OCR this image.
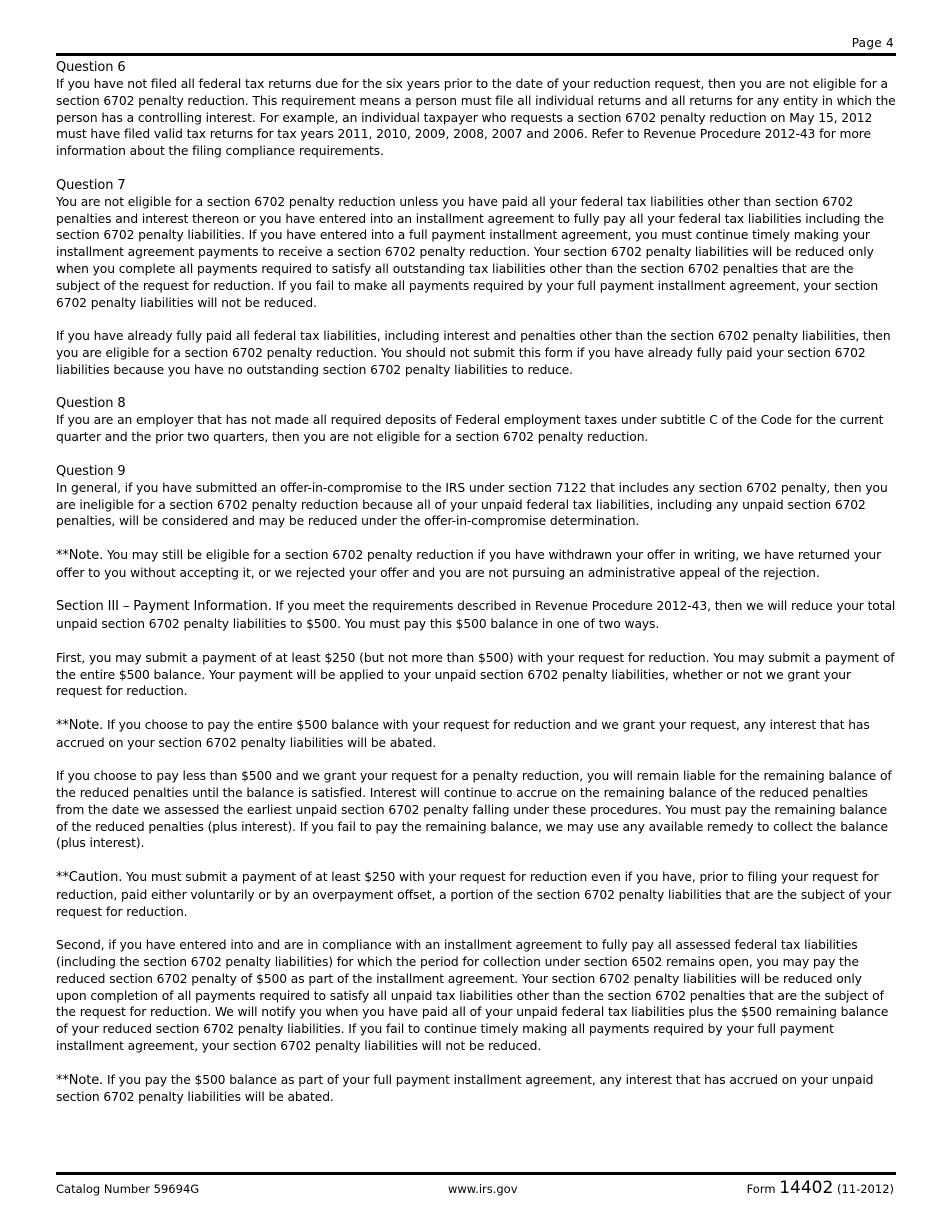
Page 4
Question 6

If you have not filed all federal tax returns due for the six years prior to the date of your reduction request, then you are not eligible for a section 6702 penalty reduction. This requirement means a person must file all individual returns and all returns for any entity in which the person has a controlling interest. For example, an individual taxpayer who requests a section 6702 penalty reduction on May 15, 2012 must have filed valid tax returns for tax years 2011, 2010, 2009, 2008, 2007 and 2006. Refer to Revenue Procedure 2012-43 for more information about the filing compliance requirements.

Question 7

You are not eligible for a section 6702 penalty reduction unless you have paid all your federal tax liabilities other than section 6702 penalties and interest thereon or you have entered into an installment agreement to fully pay all your federal tax liabilities including the section 6702 penalty liabilities. If you have entered into a full payment installment agreement, you must continue timely making your installment agreement payments to receive a section 6702 penalty reduction. Your section 6702 penalty liabilities will be reduced only when you complete all payments required to satisfy all outstanding tax liabilities other than the section 6702 penalties that are the subject of the request for reduction. If you fail to make all payments required by your full payment installment agreement, your section 6702 penalty liabilities will not be reduced.

If you have already fully paid all federal tax liabilities, including interest and penalties other than the section 6702 penalty liabilities, then you are eligible for a section 6702 penalty reduction. You should not submit this form if you have already fully paid your section 6702 liabilities because you have no outstanding section 6702 penalty liabilities to reduce.

Question 8

If you are an employer that has not made all required deposits of Federal employment taxes under subtitle C of the Code for the current quarter and the prior two quarters, then you are not eligible for a section 6702 penalty reduction.

Question 9

In general, if you have submitted an offer-in-compromise to the IRS under section 7122 that includes any section 6702 penalty, then you are ineligible for a section 6702 penalty reduction because all of your unpaid federal tax liabilities, including any unpaid section 6702 penalties, will be considered and may be reduced under the offer-in-compromise determination.

**Note. You may still be eligible for a section 6702 penalty reduction if you have withdrawn your offer in writing, we have returned your offer to you without accepting it, or we rejected your offer and you are not pursuing an administrative appeal of the rejection.

Section III – Payment Information. If you meet the requirements described in Revenue Procedure 2012-43, then we will reduce your total unpaid section 6702 penalty liabilities to $500. You must pay this $500 balance in one of two ways.

First, you may submit a payment of at least $250 (but not more than $500) with your request for reduction. You may submit a payment of the entire $500 balance. Your payment will be applied to your unpaid section 6702 penalty liabilities, whether or not we grant your request for reduction.

**Note. If you choose to pay the entire $500 balance with your request for reduction and we grant your request, any interest that has accrued on your section 6702 penalty liabilities will be abated.

If you choose to pay less than $500 and we grant your request for a penalty reduction, you will remain liable for the remaining balance of the reduced penalties until the balance is satisfied. Interest will continue to accrue on the remaining balance of the reduced penalties from the date we assessed the earliest unpaid section 6702 penalty falling under these procedures. You must pay the remaining balance of the reduced penalties (plus interest). If you fail to pay the remaining balance, we may use any available remedy to collect the balance (plus interest).

**Caution. You must submit a payment of at least $250 with your request for reduction even if you have, prior to filing your request for reduction, paid either voluntarily or by an overpayment offset, a portion of the section 6702 penalty liabilities that are the subject of your request for reduction.

Second, if you have entered into and are in compliance with an installment agreement to fully pay all assessed federal tax liabilities (including the section 6702 penalty liabilities) for which the period for collection under section 6502 remains open, you may pay the reduced section 6702 penalty of $500 as part of the installment agreement. Your section 6702 penalty liabilities will be reduced only upon completion of all payments required to satisfy all unpaid tax liabilities other than the section 6702 penalties that are the subject of the request for reduction. We will notify you when you have paid all of your unpaid federal tax liabilities plus the $500 remaining balance of your reduced section 6702 penalty liabilities. If you fail to continue timely making all payments required by your full payment installment agreement, your section 6702 penalty liabilities will not be reduced.

**Note. If you pay the $500 balance as part of your full payment installment agreement, any interest that has accrued on your unpaid section 6702 penalty liabilities will be abated.

Catalog Number 59694G	www.irs.gov	Form 14402 (11-2012)
